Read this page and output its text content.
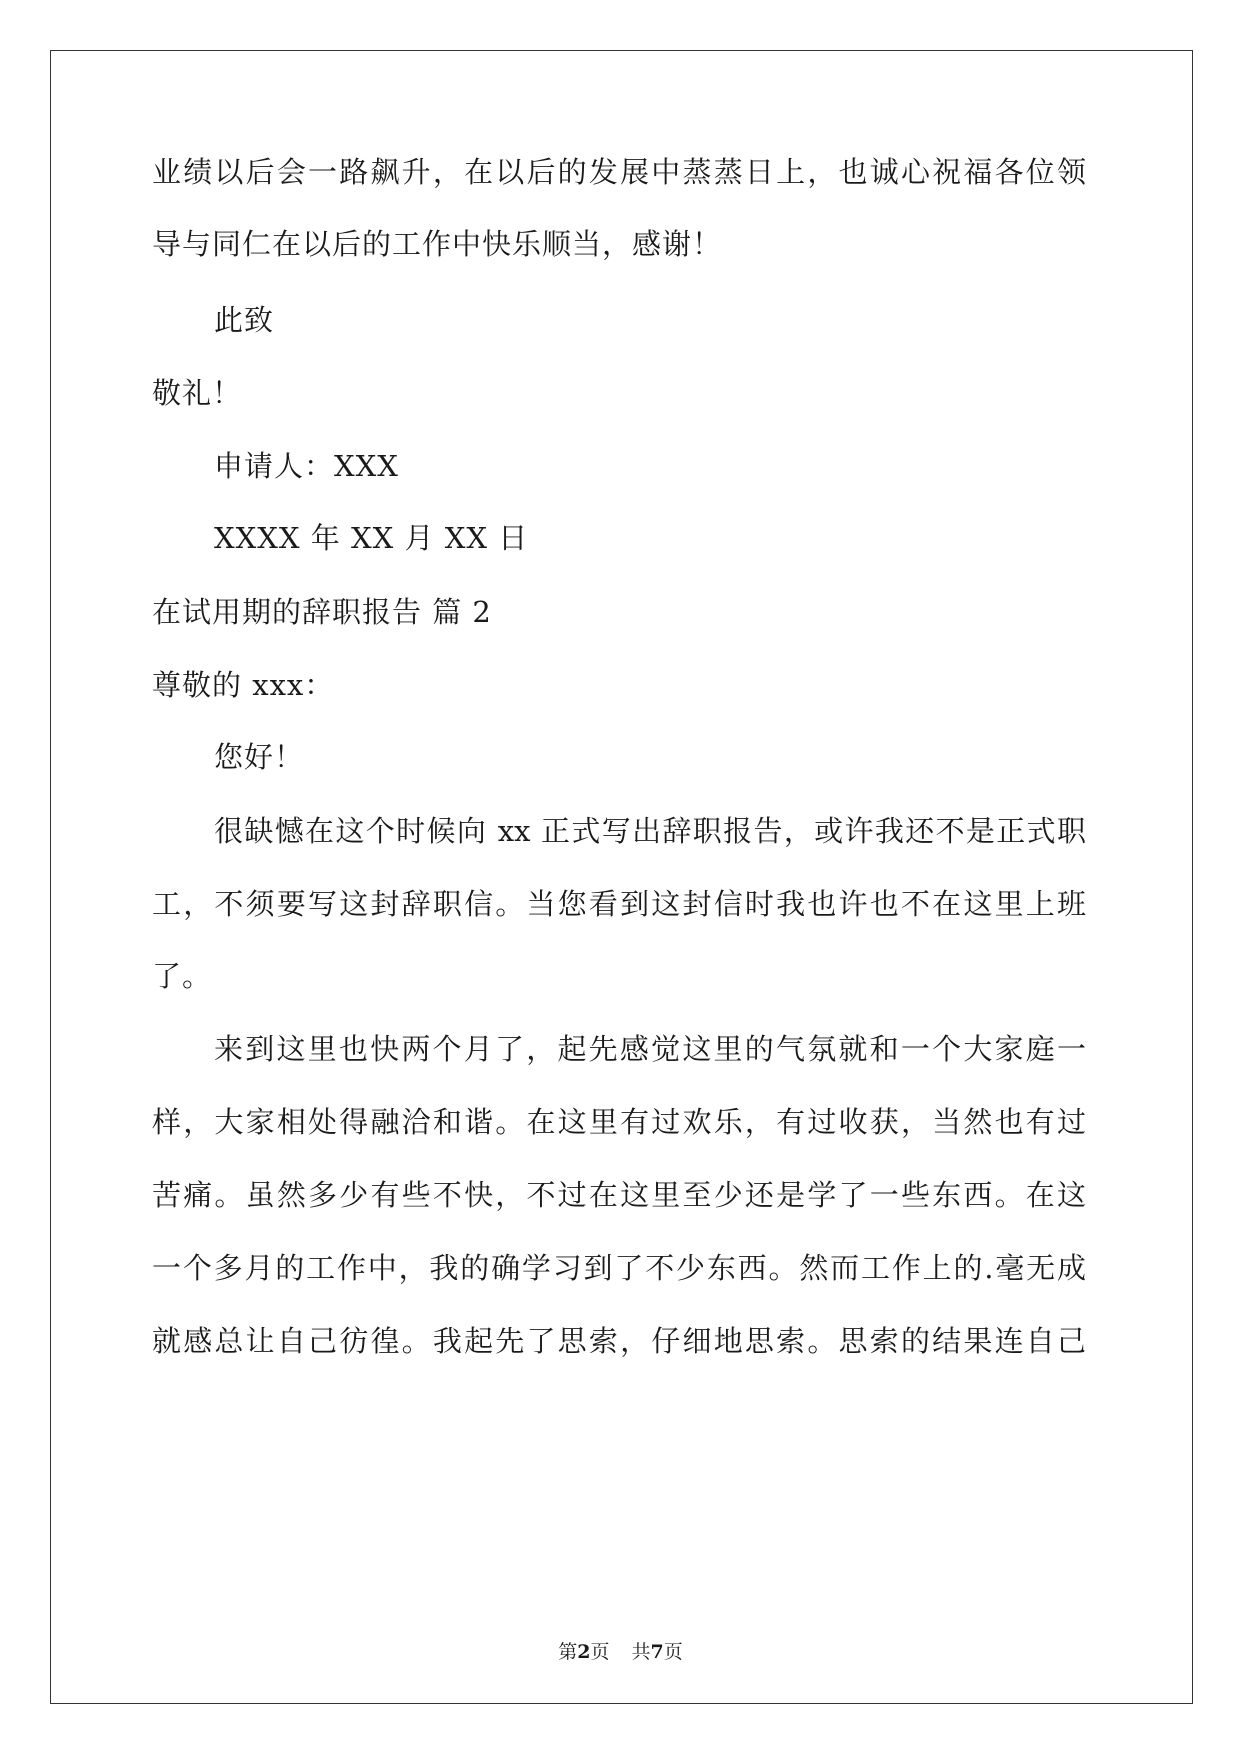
业绩以后会一路飙升，在以后的发展中蒸蒸日上，也诚心祝福各位领
导与同仁在以后的工作中快乐顺当，感谢！
此致
敬礼！
申请人：XXX
XXXX 年 XX 月 XX 日
在试用期的辞职报告 篇 2
尊敬的 xxx：
您好！
很缺憾在这个时候向 xx 正式写出辞职报告，或许我还不是正式职
工，不须要写这封辞职信。当您看到这封信时我也许也不在这里上班
了。
来到这里也快两个月了，起先感觉这里的气氛就和一个大家庭一
样，大家相处得融洽和谐。在这里有过欢乐，有过收获，当然也有过
苦痛。虽然多少有些不快，不过在这里至少还是学了一些东西。在这
一个多月的工作中，我的确学习到了不少东西。然而工作上的.毫无成
就感总让自己彷徨。我起先了思索，仔细地思索。思索的结果连自己
第2页 共7页
